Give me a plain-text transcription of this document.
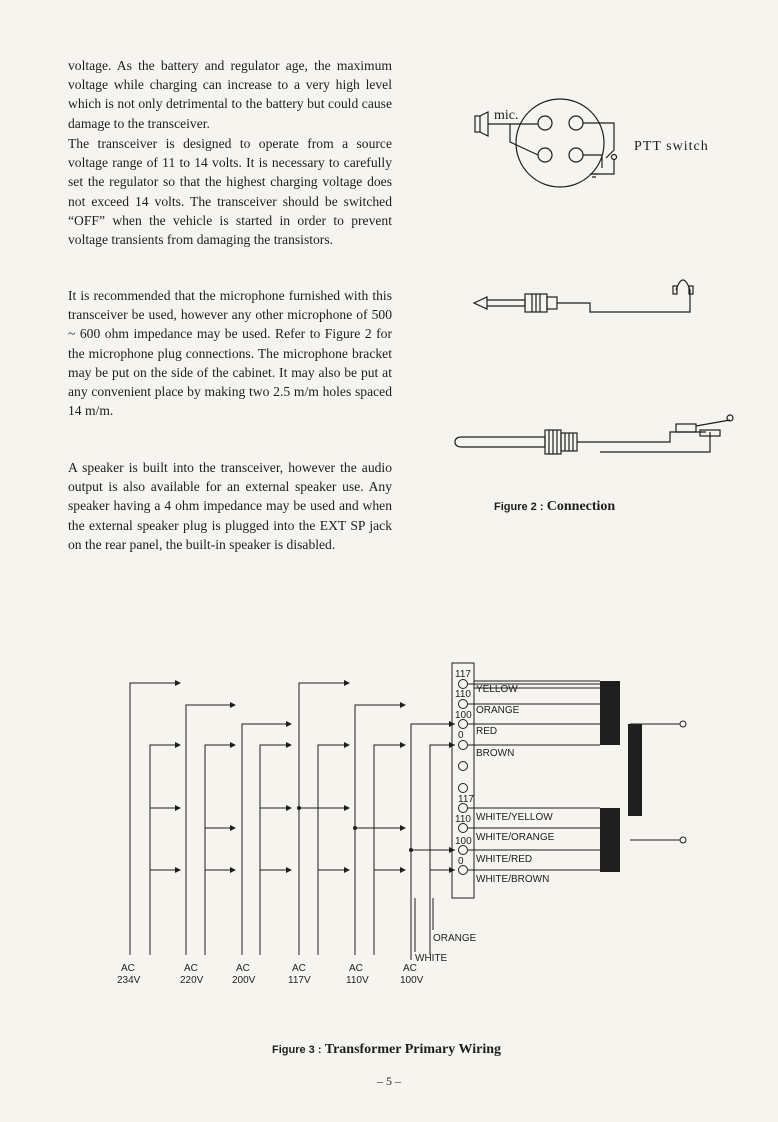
voltage. As the battery and regulator age, the maximum voltage while charging can increase to a very high level which is not only detrimental to the battery but could cause damage to the transceiver.

The transceiver is designed to operate from a source voltage range of 11 to 14 volts. It is necessary to carefully set the regulator so that the highest charging voltage does not exceed 14 volts. The transceiver should be switched “OFF” when the vehicle is started in order to prevent voltage transients from damaging the transistors.

It is recommended that the microphone furnished with this transceiver be used, however any other microphone of 500 ~ 600 ohm impedance may be used. Refer to Figure 2 for the microphone plug connections. The microphone bracket may be put on the side of the cabinet. It may also be put at any convenient place by making two 2.5 m/m holes spaced 14 m/m.

A speaker is built into the transceiver, however the audio output is also available for an external speaker use. Any speaker having a 4 ohm impedance may be used and when the external speaker plug is plugged into the EXT SP jack on the rear panel, the built-in speaker is disabled.

mic.
PTT switch
Figure 2 : Connection
117
110
100
0
117
110
100
0
YELLOW
ORANGE
RED
BROWN
WHITE/YELLOW
WHITE/ORANGE
WHITE/RED
WHITE/BROWN
ORANGE
WHITE
AC
234V
AC
220V
AC
200V
AC
117V
AC
110V
AC
100V
Figure 3 : Transformer Primary Wiring
– 5 –
